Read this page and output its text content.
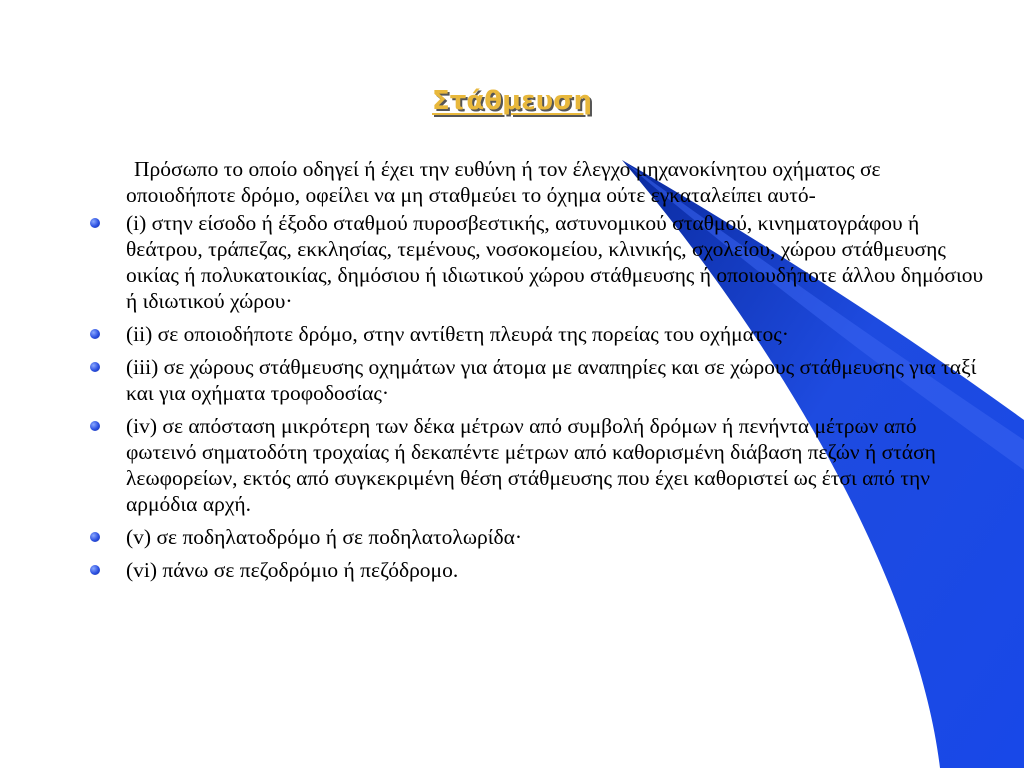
Στάθμευση

Πρόσωπο το οποίο οδηγεί ή έχει την ευθύνη ή τον έλεγχο μηχανοκίνητου οχήματος σε οποιοδήποτε δρόμο, οφείλει να μη σταθμεύει το όχημα ούτε εγκαταλείπει αυτό-

(i) στην είσοδο ή έξοδο σταθμού πυροσβεστικής, αστυνομικού σταθμού, κινηματογράφου ή θεάτρου, τράπεζας, εκκλησίας, τεμένους, νοσοκομείου, κλινικής, σχολείου, χώρου στάθμευσης οικίας ή πολυκατοικίας, δημόσιου ή ιδιωτικού χώρου στάθμευσης ή οποιουδήποτε άλλου δημόσιου ή ιδιωτικού χώρου·
(ii) σε οποιοδήποτε δρόμο, στην αντίθετη πλευρά της πορείας του οχήματος·
(iii) σε χώρους στάθμευσης οχημάτων για άτομα με αναπηρίες και σε χώρους στάθμευσης για ταξί και για οχήματα τροφοδοσίας·
(iv) σε απόσταση μικρότερη των δέκα μέτρων από συμβολή δρόμων ή πενήντα μέτρων από φωτεινό σηματοδότη τροχαίας ή δεκαπέντε μέτρων από καθορισμένη διάβαση πεζών ή στάση λεωφορείων, εκτός από συγκεκριμένη θέση στάθμευσης που έχει καθοριστεί ως έτσι από την αρμόδια αρχή.
(v) σε ποδηλατοδρόμο ή σε ποδηλατολωρίδα·
(vi) πάνω σε πεζοδρόμιο ή πεζόδρομο.
